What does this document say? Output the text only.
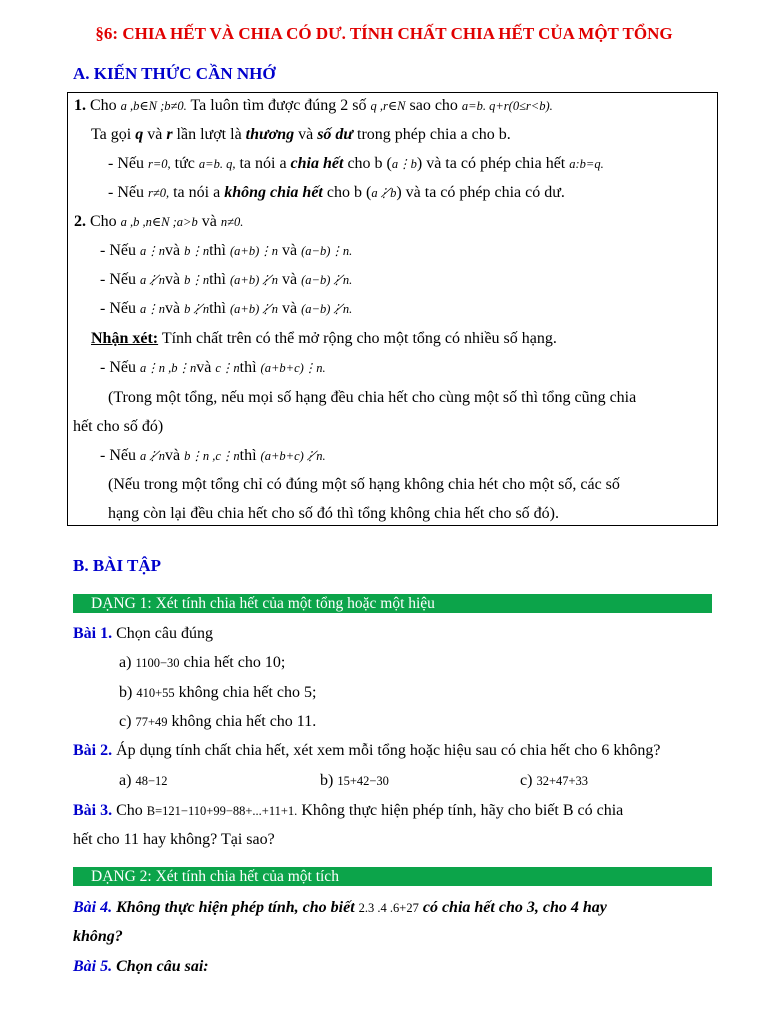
§6: CHIA HẾT VÀ CHIA CÓ DƯ. TÍNH CHẤT CHIA HẾT CỦA MỘT TỔNG
A. KIẾN THỨC CẦN NHỚ
1. Cho a ,b∈N ;b≠0. Ta luôn tìm được đúng 2 số q ,r∈N sao cho a=b. q+r(0≤r<b).
Ta gọi q và r lần lượt là thương và số dư trong phép chia a cho b.
- Nếu r=0, tức a=b. q, ta nói a chia hết cho b (a⋮b) và ta có phép chia hết a:b=q.
- Nếu r≠0, ta nói a không chia hết cho b (a⋮̸b) và ta có phép chia có dư.
2. Cho a ,b ,n∈N ;a>b và n≠0.
- Nếu a⋮nvà b⋮nthì (a+b)⋮n và (a−b)⋮n.
- Nếu a⋮̸nvà b⋮nthì (a+b)⋮̸n và (a−b)⋮̸n.
- Nếu a⋮nvà b⋮̸nthì (a+b)⋮̸n và (a−b)⋮̸n.
Nhận xét: Tính chất trên có thể mở rộng cho một tổng có nhiều số hạng.
- Nếu a⋮n ,b⋮nvà c⋮nthì (a+b+c)⋮n.
(Trong một tổng, nếu mọi số hạng đều chia hết cho cùng một số thì tổng cũng chia
hết cho số đó)
- Nếu a⋮̸nvà b⋮n ,c⋮nthì (a+b+c)⋮̸n.
(Nếu trong một tổng chỉ có đúng một số hạng không chia hét cho một số, các số
hạng còn lại đều chia hết cho số đó thì tổng không chia hết cho số đó).
B. BÀI TẬP
DẠNG 1: Xét tính chia hết của một tổng hoặc một hiệu
Bài 1. Chọn câu đúng
a) 1100−30 chia hết cho 10;
b) 410+55 không chia hết cho 5;
c) 77+49 không chia hết cho 11.
Bài 2. Áp dụng tính chất chia hết, xét xem mỗi tổng hoặc hiệu sau có chia hết cho 6 không?
a) 48−12	b) 15+42−30	c) 32+47+33
Bài 3. Cho B=121−110+99−88+...+11+1. Không thực hiện phép tính, hãy cho biết B có chia
hết cho 11 hay không? Tại sao?
DẠNG 2: Xét tính chia hết của một tích
Bài 4. Không thực hiện phép tính, cho biết 2.3 .4 .6+27 có chia hết cho 3, cho 4 hay
không?
Bài 5. Chọn câu sai:
